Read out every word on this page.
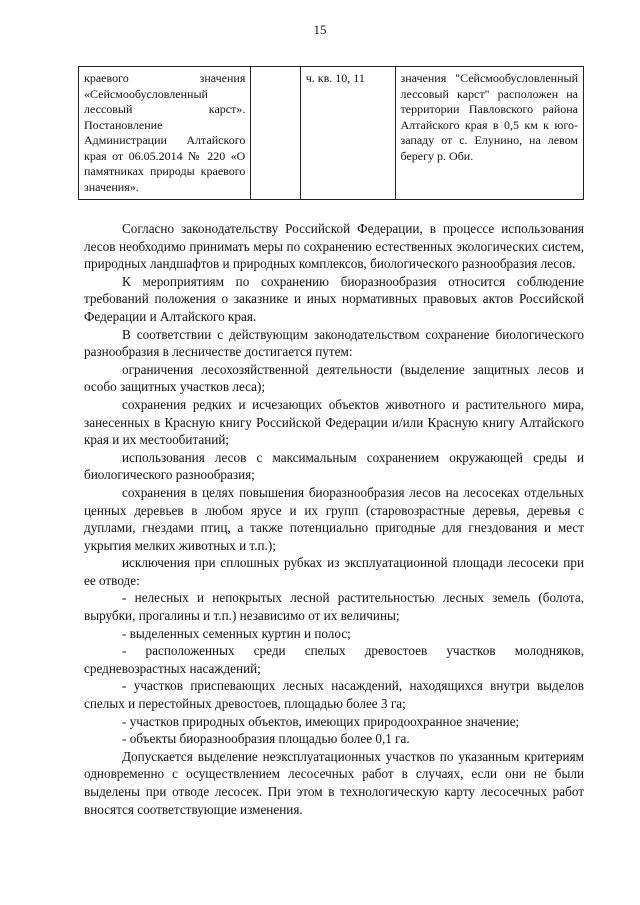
15
краевого значения «Сейсмообусловленный лессовый карст». Постановление Администрации Алтайского края от 06.05.2014 № 220 «О памятниках природы краевого значения».		ч. кв. 10, 11	значения "Сейсмообусловленный лессовый карст" расположен на территории Павловского района Алтайского края в 0,5 км к юго-западу от с. Елунино, на левом берегу р. Оби.

Согласно законодательству Российской Федерации, в процессе использования лесов необходимо принимать меры по сохранению естественных экологических систем, природных ландшафтов и природных комплексов, биологического разнообразия лесов.

К мероприятиям по сохранению биоразнообразия относится соблюдение требований положения о заказнике и иных нормативных правовых актов Российской Федерации и Алтайского края.

В соответствии с действующим законодательством сохранение биологического разнообразия в лесничестве достигается путем:

ограничения лесохозяйственной деятельности (выделение защитных лесов и особо защитных участков леса);

сохранения редких и исчезающих объектов животного и растительного мира, занесенных в Красную книгу Российской Федерации и/или Красную книгу Алтайского края и их местообитаний;

использования лесов с максимальным сохранением окружающей среды и биологического разнообразия;

сохранения в целях повышения биоразнообразия лесов на лесосеках отдельных ценных деревьев в любом ярусе и их групп (старовозрастные деревья, деревья с дуплами, гнездами птиц, а также потенциально пригодные для гнездования и мест укрытия мелких животных и т.п.);

исключения при сплошных рубках из эксплуатационной площади лесосеки при ее отводе:

- нелесных и непокрытых лесной растительностью лесных земель (болота, вырубки, прогалины и т.п.) независимо от их величины;

- выделенных семенных куртин и полос;

- расположенных среди спелых древостоев участков молодняков, средневозрастных насаждений;

- участков приспевающих лесных насаждений, находящихся внутри выделов спелых и перестойных древостоев, площадью более 3 га;

- участков природных объектов, имеющих природоохранное значение;

- объекты биоразнообразия площадью более 0,1 га.

Допускается выделение неэксплуатационных участков по указанным критериям одновременно с осуществлением лесосечных работ в случаях, если они не были выделены при отводе лесосек. При этом в технологическую карту лесосечных работ вносятся соответствующие изменения.
